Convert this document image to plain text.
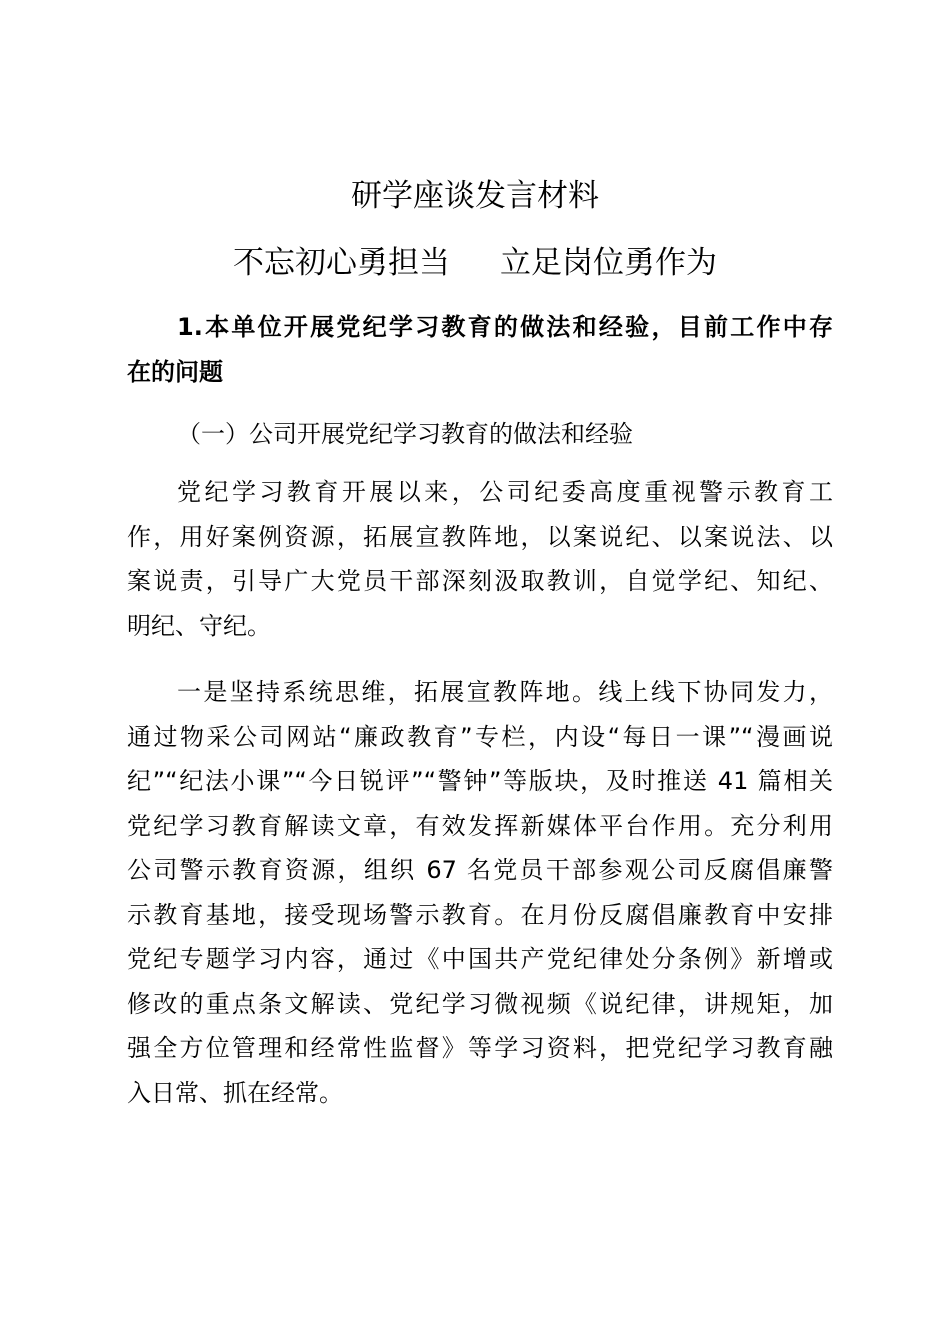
研学座谈发言材料
不忘初心勇担当 立足岗位勇作为
1.本单位开展党纪学习教育的做法和经验，目前工作中存
在的问题
（一）公司开展党纪学习教育的做法和经验
党纪学习教育开展以来，公司纪委高度重视警示教育工
作，用好案例资源，拓展宣教阵地，以案说纪、以案说法、以
案说责，引导广大党员干部深刻汲取教训，自觉学纪、知纪、
明纪、守纪。
一是坚持系统思维，拓展宣教阵地。线上线下协同发力，
通过物采公司网站“廉政教育”专栏，内设“每日一课”“漫画说
纪”“纪法小课”“今日锐评”“警钟”等版块，及时推送 41 篇相关
党纪学习教育解读文章，有效发挥新媒体平台作用。充分利用
公司警示教育资源，组织 67 名党员干部参观公司反腐倡廉警
示教育基地，接受现场警示教育。在月份反腐倡廉教育中安排
党纪专题学习内容，通过《中国共产党纪律处分条例》新增或
修改的重点条文解读、党纪学习微视频《说纪律，讲规矩，加
强全方位管理和经常性监督》等学习资料，把党纪学习教育融
入日常、抓在经常。
